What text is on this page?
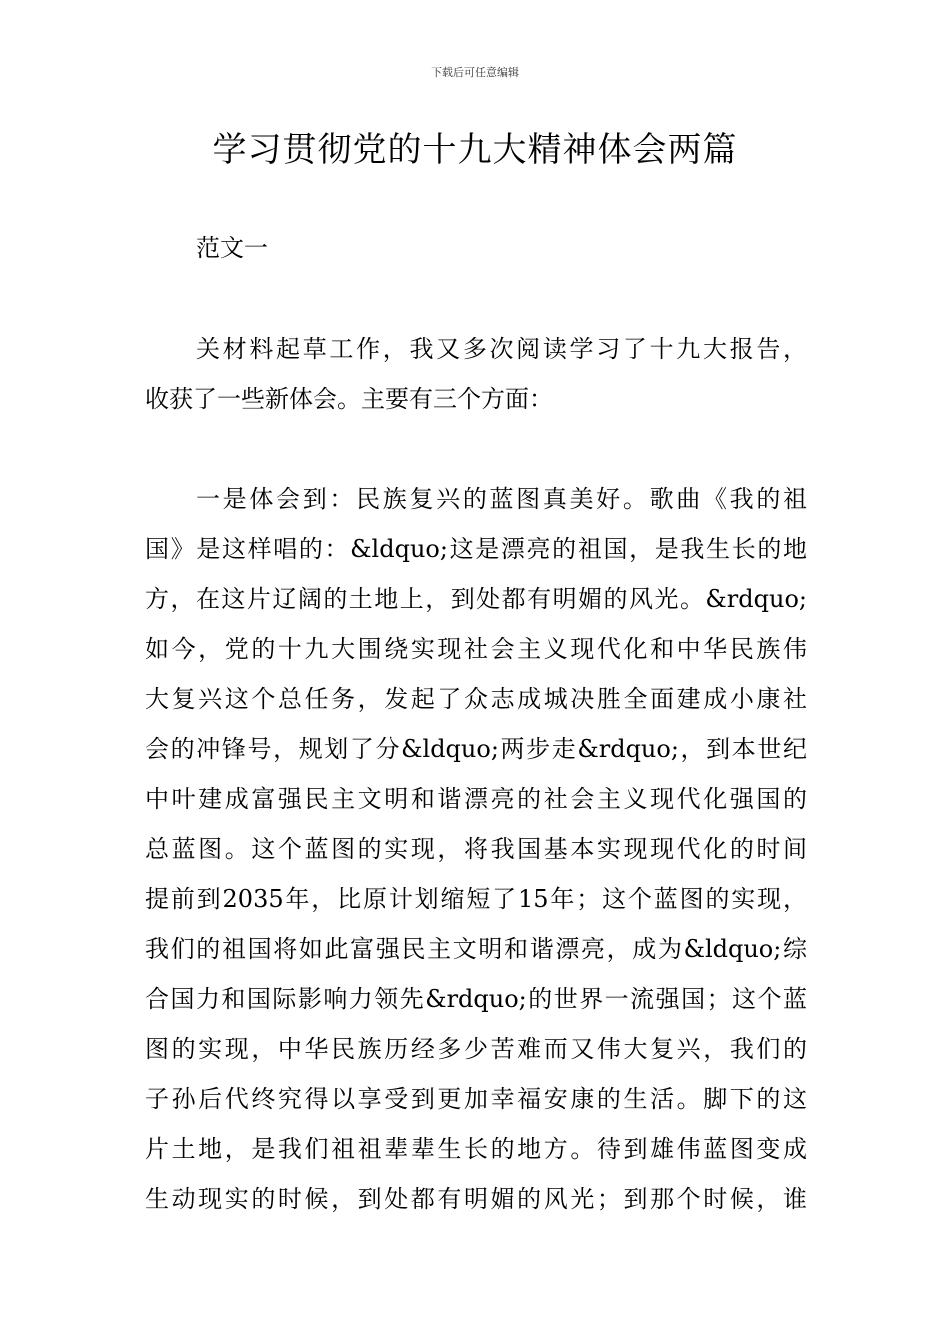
下载后可任意编辑
学习贯彻党的十九大精神体会两篇
范文一
关材料起草工作，我又多次阅读学习了十九大报告，
收获了一些新体会。主要有三个方面：
一是体会到：民族复兴的蓝图真美好。歌曲《我的祖
国》是这样唱的：&ldquo;这是漂亮的祖国，是我生长的地
方，在这片辽阔的土地上，到处都有明媚的风光。&rdquo;
如今，党的十九大围绕实现社会主义现代化和中华民族伟
大复兴这个总任务，发起了众志成城决胜全面建成小康社
会的冲锋号，规划了分&ldquo;两步走&rdquo;，到本世纪
中叶建成富强民主文明和谐漂亮的社会主义现代化强国的
总蓝图。这个蓝图的实现，将我国基本实现现代化的时间
提前到2035年，比原计划缩短了15年；这个蓝图的实现，
我们的祖国将如此富强民主文明和谐漂亮，成为&ldquo;综
合国力和国际影响力领先&rdquo;的世界一流强国；这个蓝
图的实现，中华民族历经多少苦难而又伟大复兴，我们的
子孙后代终究得以享受到更加幸福安康的生活。脚下的这
片土地，是我们祖祖辈辈生长的地方。待到雄伟蓝图变成
生动现实的时候，到处都有明媚的风光；到那个时候，谁
